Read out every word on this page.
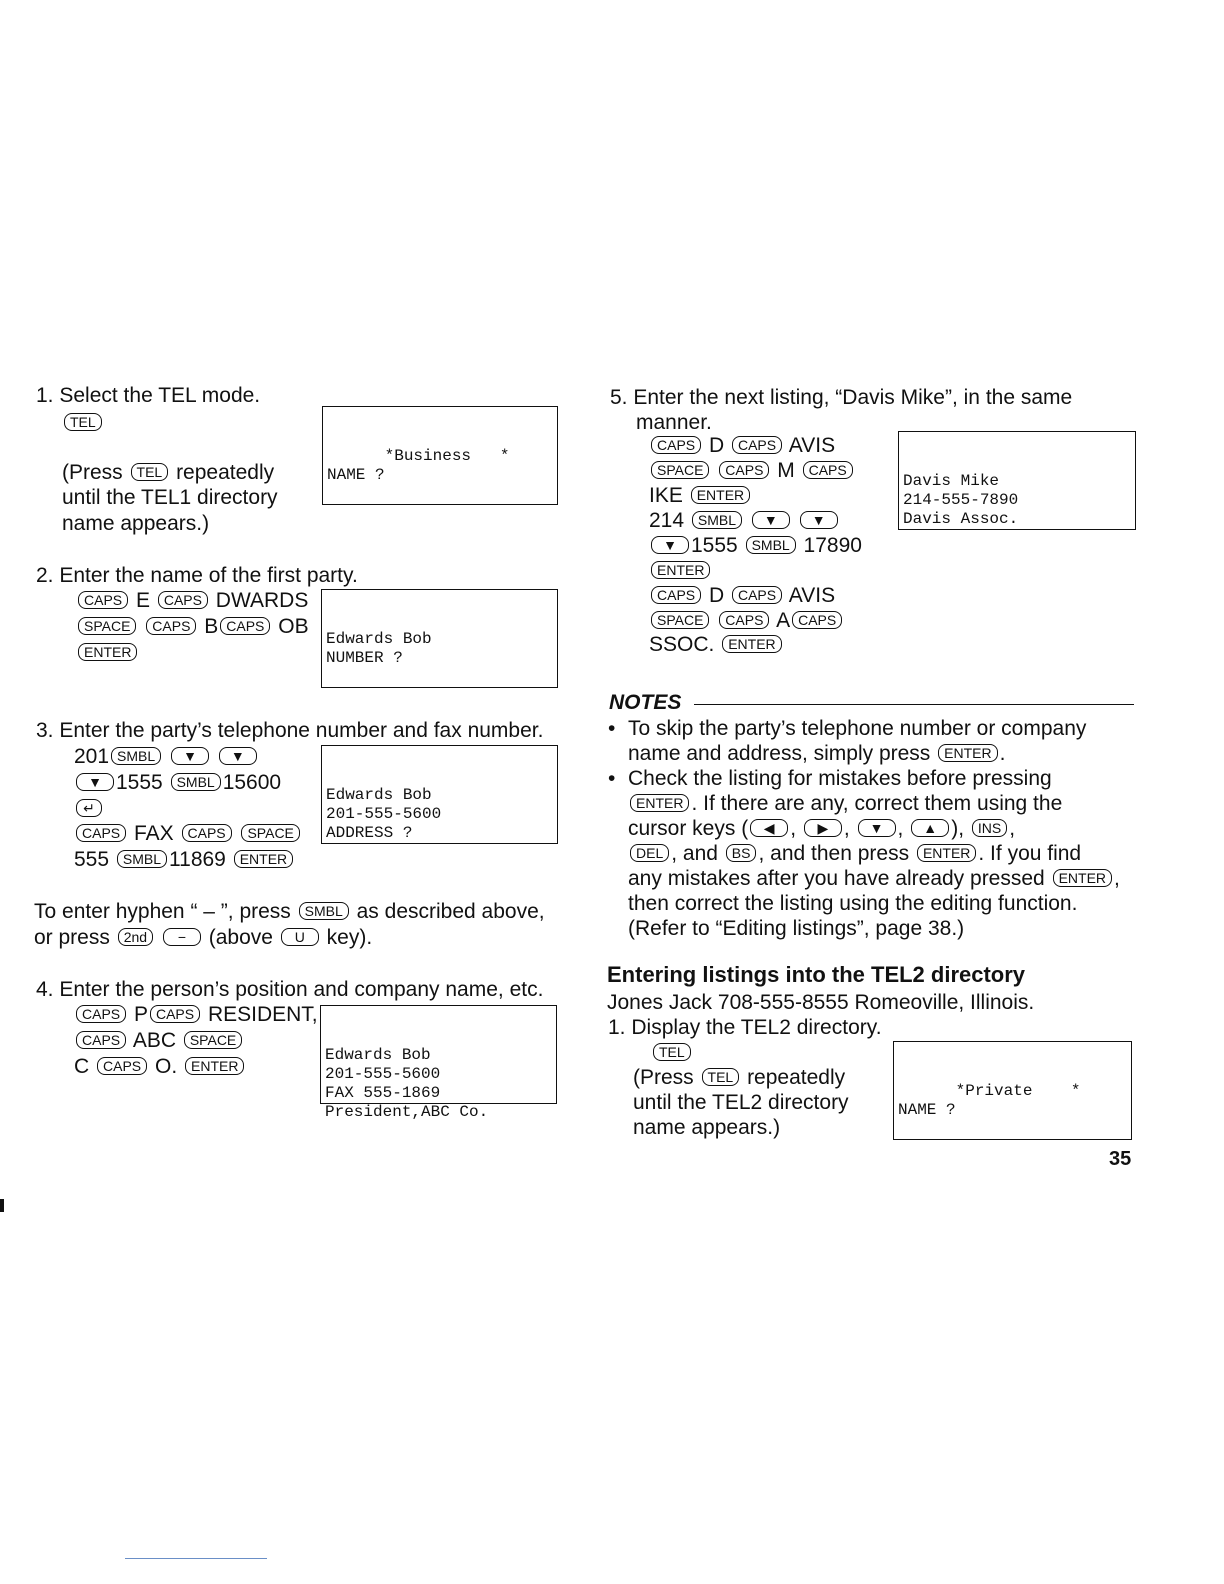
1. Select the TEL mode.
TEL
(Press TEL repeatedly
until the TEL1 directory
name appears.)

*Business   *
NAME ?

2. Enter the name of the first party.
CAPS E CAPS DWARDS
SPACE CAPS B CAPS OB
ENTER

Edwards Bob
NUMBER ?

3. Enter the party’s telephone number and fax number.
201 SMBL ▼ ▼
▼ 1555 SMBL 15600
↵
CAPS FAX CAPS SPACE
555 SMBL 11869 ENTER

Edwards Bob
201-555-5600
ADDRESS ?

To enter hyphen “ – ”, press SMBL as described above,
or press 2nd − (above U key).
4. Enter the person’s position and company name, etc.
CAPS P CAPS RESIDENT,
CAPS ABC SPACE
C CAPS O. ENTER

Edwards Bob
201-555-5600
FAX 555-1869
President,ABC Co.

5. Enter the next listing, “Davis Mike”, in the same
manner.
CAPS D CAPS AVIS
SPACE CAPS M CAPS
IKE ENTER
214 SMBL ▼ ▼
▼ 1555 SMBL 17890
ENTER
CAPS D CAPS AVIS
SPACE CAPS A CAPS
SSOC. ENTER

Davis Mike
214-555-7890
Davis Assoc.

NOTES
• To skip the party’s telephone number or company
name and address, simply press ENTER .
• Check the listing for mistakes before pressing
ENTER . If there are any, correct them using the
cursor keys ( ◀ , ▶ , ▼ , ▲ ), INS ,
DEL , and BS , and then press ENTER . If you find
any mistakes after you have already pressed ENTER ,
then correct the listing using the editing function.
(Refer to “Editing listings”, page 38.)
Entering listings into the TEL2 directory
Jones Jack 708-555-8555 Romeoville, Illinois.
1. Display the TEL2 directory.
TEL
(Press TEL repeatedly
until the TEL2 directory
name appears.)

*Private    *
NAME ?

35
